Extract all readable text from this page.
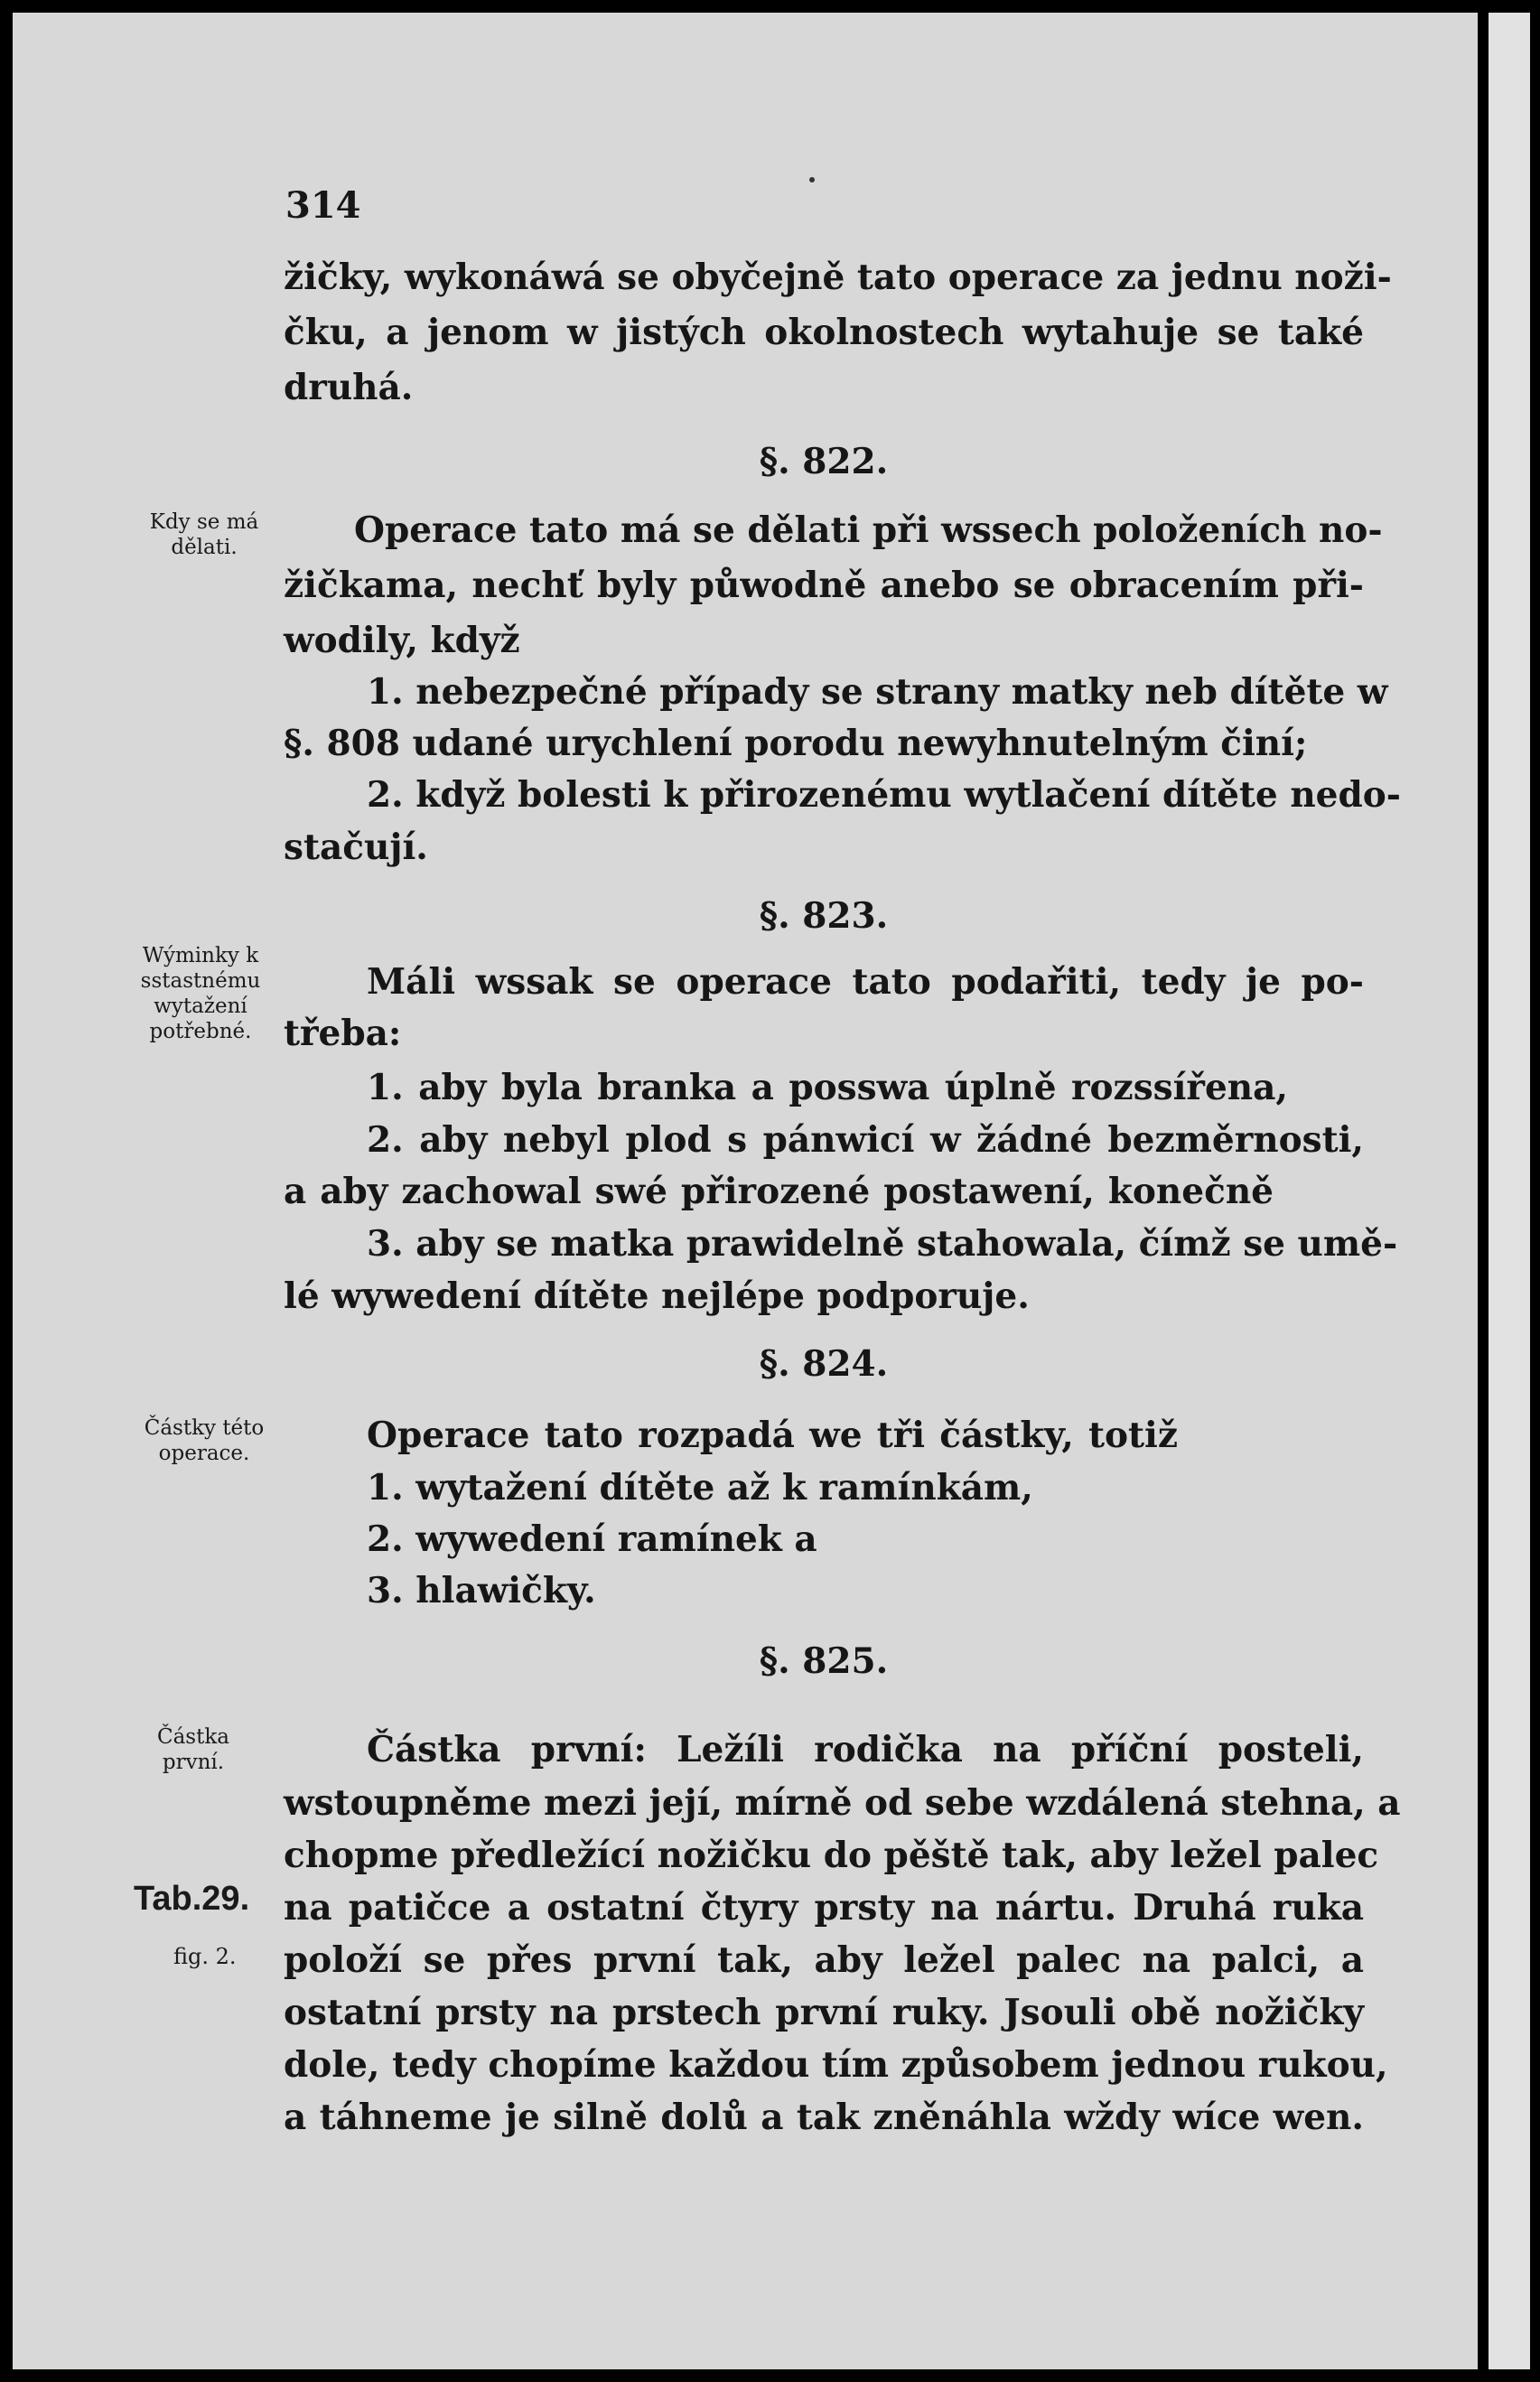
314
žičky, wykonáwá se obyčejně tato operace za jednu noži-
čku, a jenom w jistých okolnostech wytahuje se také
druhá.
§. 822.
Operace tato má se dělati při wssech položeních no-
žičkama, nechť byly půwodně anebo se obracením při-
wodily, když
1. nebezpečné případy se strany matky neb dítěte w
§. 808 udané urychlení porodu newyhnutelným činí;
2. když bolesti k přirozenému wytlačení dítěte nedo-
stačují.
§. 823.
Máli wssak se operace tato podařiti, tedy je po-
třeba:
1. aby byla branka a posswa úplně rozssířena,
2. aby nebyl plod s pánwicí w žádné bezměrnosti,
a aby zachowal swé přirozené postawení, konečně
3. aby se matka prawidelně stahowala, čímž se umě-
lé wywedení dítěte nejlépe podporuje.
§. 824.
Operace tato rozpadá we tři částky, totiž
1. wytažení dítěte až k ramínkám,
2. wywedení ramínek a
3. hlawičky.
§. 825.
Částka první: Ležíli rodička na příční posteli,
wstoupněme mezi její, mírně od sebe wzdálená stehna, a
chopme předležící nožičku do pěště tak, aby ležel palec
na patičce a ostatní čtyry prsty na nártu. Druhá ruka
položí se přes první tak, aby ležel palec na palci, a
ostatní prsty na prstech první ruky. Jsouli obě nožičky
dole, tedy chopíme každou tím způsobem jednou rukou,
a táhneme je silně dolů a tak zněnáhla wždy wíce wen.
Kdy se má
dělati.
Wýminky k
sstastnému
wytažení
potřebné.
Částky této
operace.
Částka
první.
Tab.29.
fig. 2.
